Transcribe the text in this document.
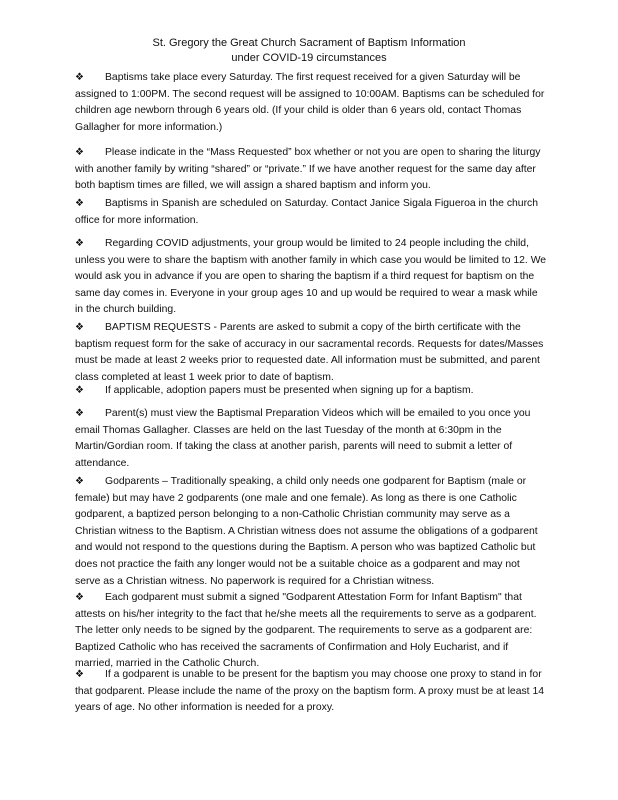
St. Gregory the Great Church Sacrament of Baptism Information
under COVID-19 circumstances
❖ Baptisms take place every Saturday. The first request received for a given Saturday will be assigned to 1:00PM. The second request will be assigned to 10:00AM. Baptisms can be scheduled for children age newborn through 6 years old. (If your child is older than 6 years old, contact Thomas Gallagher for more information.)
❖ Please indicate in the “Mass Requested” box whether or not you are open to sharing the liturgy with another family by writing “shared” or “private.” If we have another request for the same day after both baptism times are filled, we will assign a shared baptism and inform you.
❖ Baptisms in Spanish are scheduled on Saturday. Contact Janice Sigala Figueroa in the church office for more information.
❖ Regarding COVID adjustments, your group would be limited to 24 people including the child, unless you were to share the baptism with another family in which case you would be limited to 12. We would ask you in advance if you are open to sharing the baptism if a third request for baptism on the same day comes in. Everyone in your group ages 10 and up would be required to wear a mask while in the church building.
❖ BAPTISM REQUESTS - Parents are asked to submit a copy of the birth certificate with the baptism request form for the sake of accuracy in our sacramental records. Requests for dates/Masses must be made at least 2 weeks prior to requested date. All information must be submitted, and parent class completed at least 1 week prior to date of baptism.
❖ If applicable, adoption papers must be presented when signing up for a baptism.
❖ Parent(s) must view the Baptismal Preparation Videos which will be emailed to you once you email Thomas Gallagher. Classes are held on the last Tuesday of the month at 6:30pm in the Martin/Gordian room. If taking the class at another parish, parents will need to submit a letter of attendance.
❖ Godparents – Traditionally speaking, a child only needs one godparent for Baptism (male or female) but may have 2 godparents (one male and one female). As long as there is one Catholic godparent, a baptized person belonging to a non-Catholic Christian community may serve as a Christian witness to the Baptism. A Christian witness does not assume the obligations of a godparent and would not respond to the questions during the Baptism. A person who was baptized Catholic but does not practice the faith any longer would not be a suitable choice as a godparent and may not serve as a Christian witness. No paperwork is required for a Christian witness.
❖ Each godparent must submit a signed "Godparent Attestation Form for Infant Baptism" that attests on his/her integrity to the fact that he/she meets all the requirements to serve as a godparent. The letter only needs to be signed by the godparent. The requirements to serve as a godparent are: Baptized Catholic who has received the sacraments of Confirmation and Holy Eucharist, and if married, married in the Catholic Church.
❖ If a godparent is unable to be present for the baptism you may choose one proxy to stand in for that godparent. Please include the name of the proxy on the baptism form. A proxy must be at least 14 years of age. No other information is needed for a proxy.
